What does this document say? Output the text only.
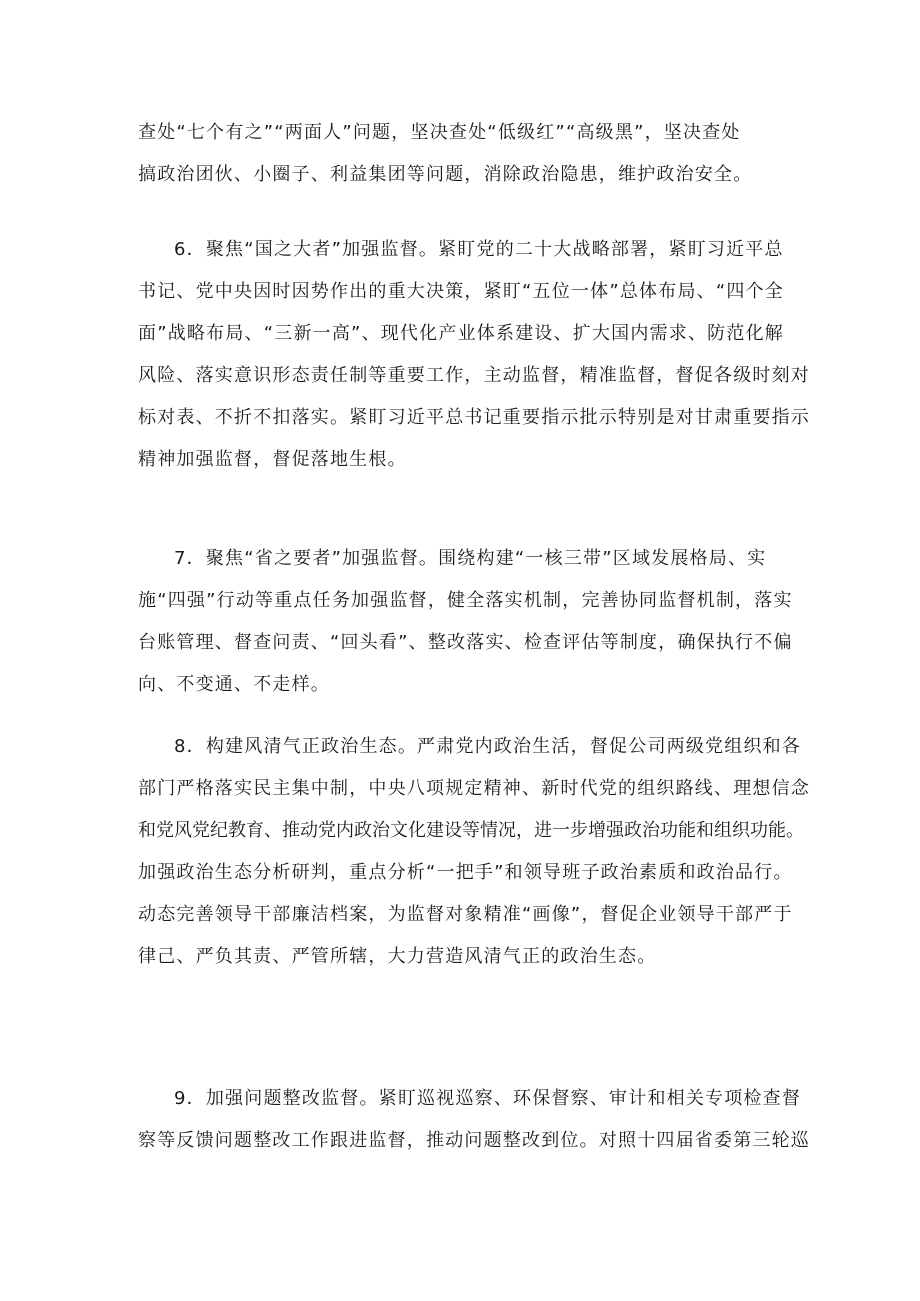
查处“七个有之”“两面人”问题，坚决查处“低级红”“高级黑”，坚决查处
搞政治团伙、小圈子、利益集团等问题，消除政治隐患，维护政治安全。
6．聚焦“国之大者”加强监督。紧盯党的二十大战略部署，紧盯习近平总
书记、党中央因时因势作出的重大决策，紧盯“五位一体”总体布局、“四个全
面”战略布局、“三新一高”、现代化产业体系建设、扩大国内需求、防范化解
风险、落实意识形态责任制等重要工作，主动监督，精准监督，督促各级时刻对
标对表、不折不扣落实。紧盯习近平总书记重要指示批示特别是对甘肃重要指示
精神加强监督，督促落地生根。
7．聚焦“省之要者”加强监督。围绕构建“一核三带”区域发展格局、实
施“四强”行动等重点任务加强监督，健全落实机制，完善协同监督机制，落实
台账管理、督查问责、“回头看”、整改落实、检查评估等制度，确保执行不偏
向、不变通、不走样。
8．构建风清气正政治生态。严肃党内政治生活，督促公司两级党组织和各
部门严格落实民主集中制，中央八项规定精神、新时代党的组织路线、理想信念
和党风党纪教育、推动党内政治文化建设等情况，进一步增强政治功能和组织功能。
加强政治生态分析研判，重点分析“一把手”和领导班子政治素质和政治品行。
动态完善领导干部廉洁档案，为监督对象精准“画像”，督促企业领导干部严于
律己、严负其责、严管所辖，大力营造风清气正的政治生态。
9．加强问题整改监督。紧盯巡视巡察、环保督察、审计和相关专项检查督
察等反馈问题整改工作跟进监督，推动问题整改到位。对照十四届省委第三轮巡
